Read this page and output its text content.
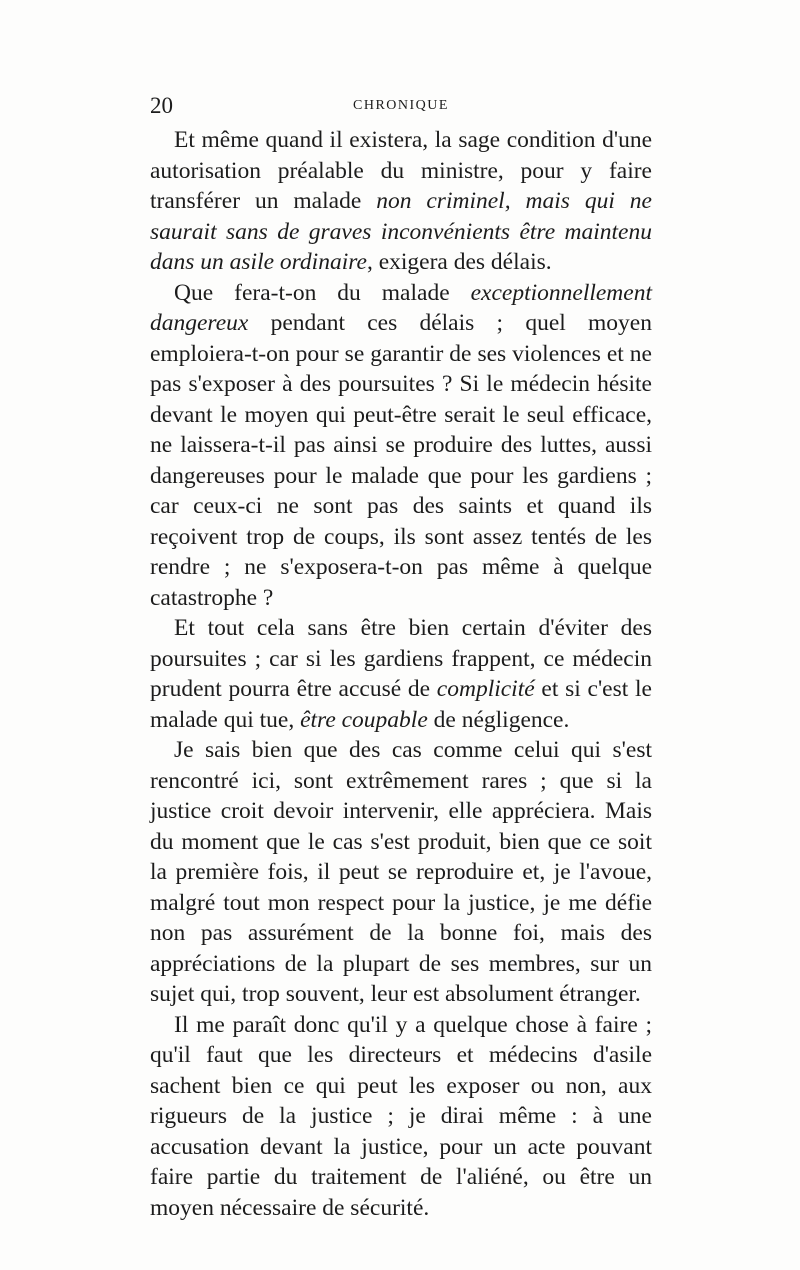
20	CHRONIQUE

Et même quand il existera, la sage condition d'une autorisation préalable du ministre, pour y faire transférer un malade non criminel, mais qui ne saurait sans de graves inconvénients être maintenu dans un asile ordinaire, exigera des délais.

Que fera-t-on du malade exceptionnellement dangereux pendant ces délais ; quel moyen emploiera-t-on pour se garantir de ses violences et ne pas s'exposer à des poursuites ? Si le médecin hésite devant le moyen qui peut-être serait le seul efficace, ne laissera-t-il pas ainsi se produire des luttes, aussi dangereuses pour le malade que pour les gardiens ; car ceux-ci ne sont pas des saints et quand ils reçoivent trop de coups, ils sont assez tentés de les rendre ; ne s'exposera-t-on pas même à quelque catastrophe ?

Et tout cela sans être bien certain d'éviter des poursuites ; car si les gardiens frappent, ce médecin prudent pourra être accusé de complicité et si c'est le malade qui tue, être coupable de négligence.

Je sais bien que des cas comme celui qui s'est rencontré ici, sont extrêmement rares ; que si la justice croit devoir intervenir, elle appréciera. Mais du moment que le cas s'est produit, bien que ce soit la première fois, il peut se reproduire et, je l'avoue, malgré tout mon respect pour la justice, je me défie non pas assurément de la bonne foi, mais des appréciations de la plupart de ses membres, sur un sujet qui, trop souvent, leur est absolument étranger.

Il me paraît donc qu'il y a quelque chose à faire ; qu'il faut que les directeurs et médecins d'asile sachent bien ce qui peut les exposer ou non, aux rigueurs de la justice ; je dirai même : à une accusation devant la justice, pour un acte pouvant faire partie du traitement de l'aliéné, ou être un moyen nécessaire de sécurité.
